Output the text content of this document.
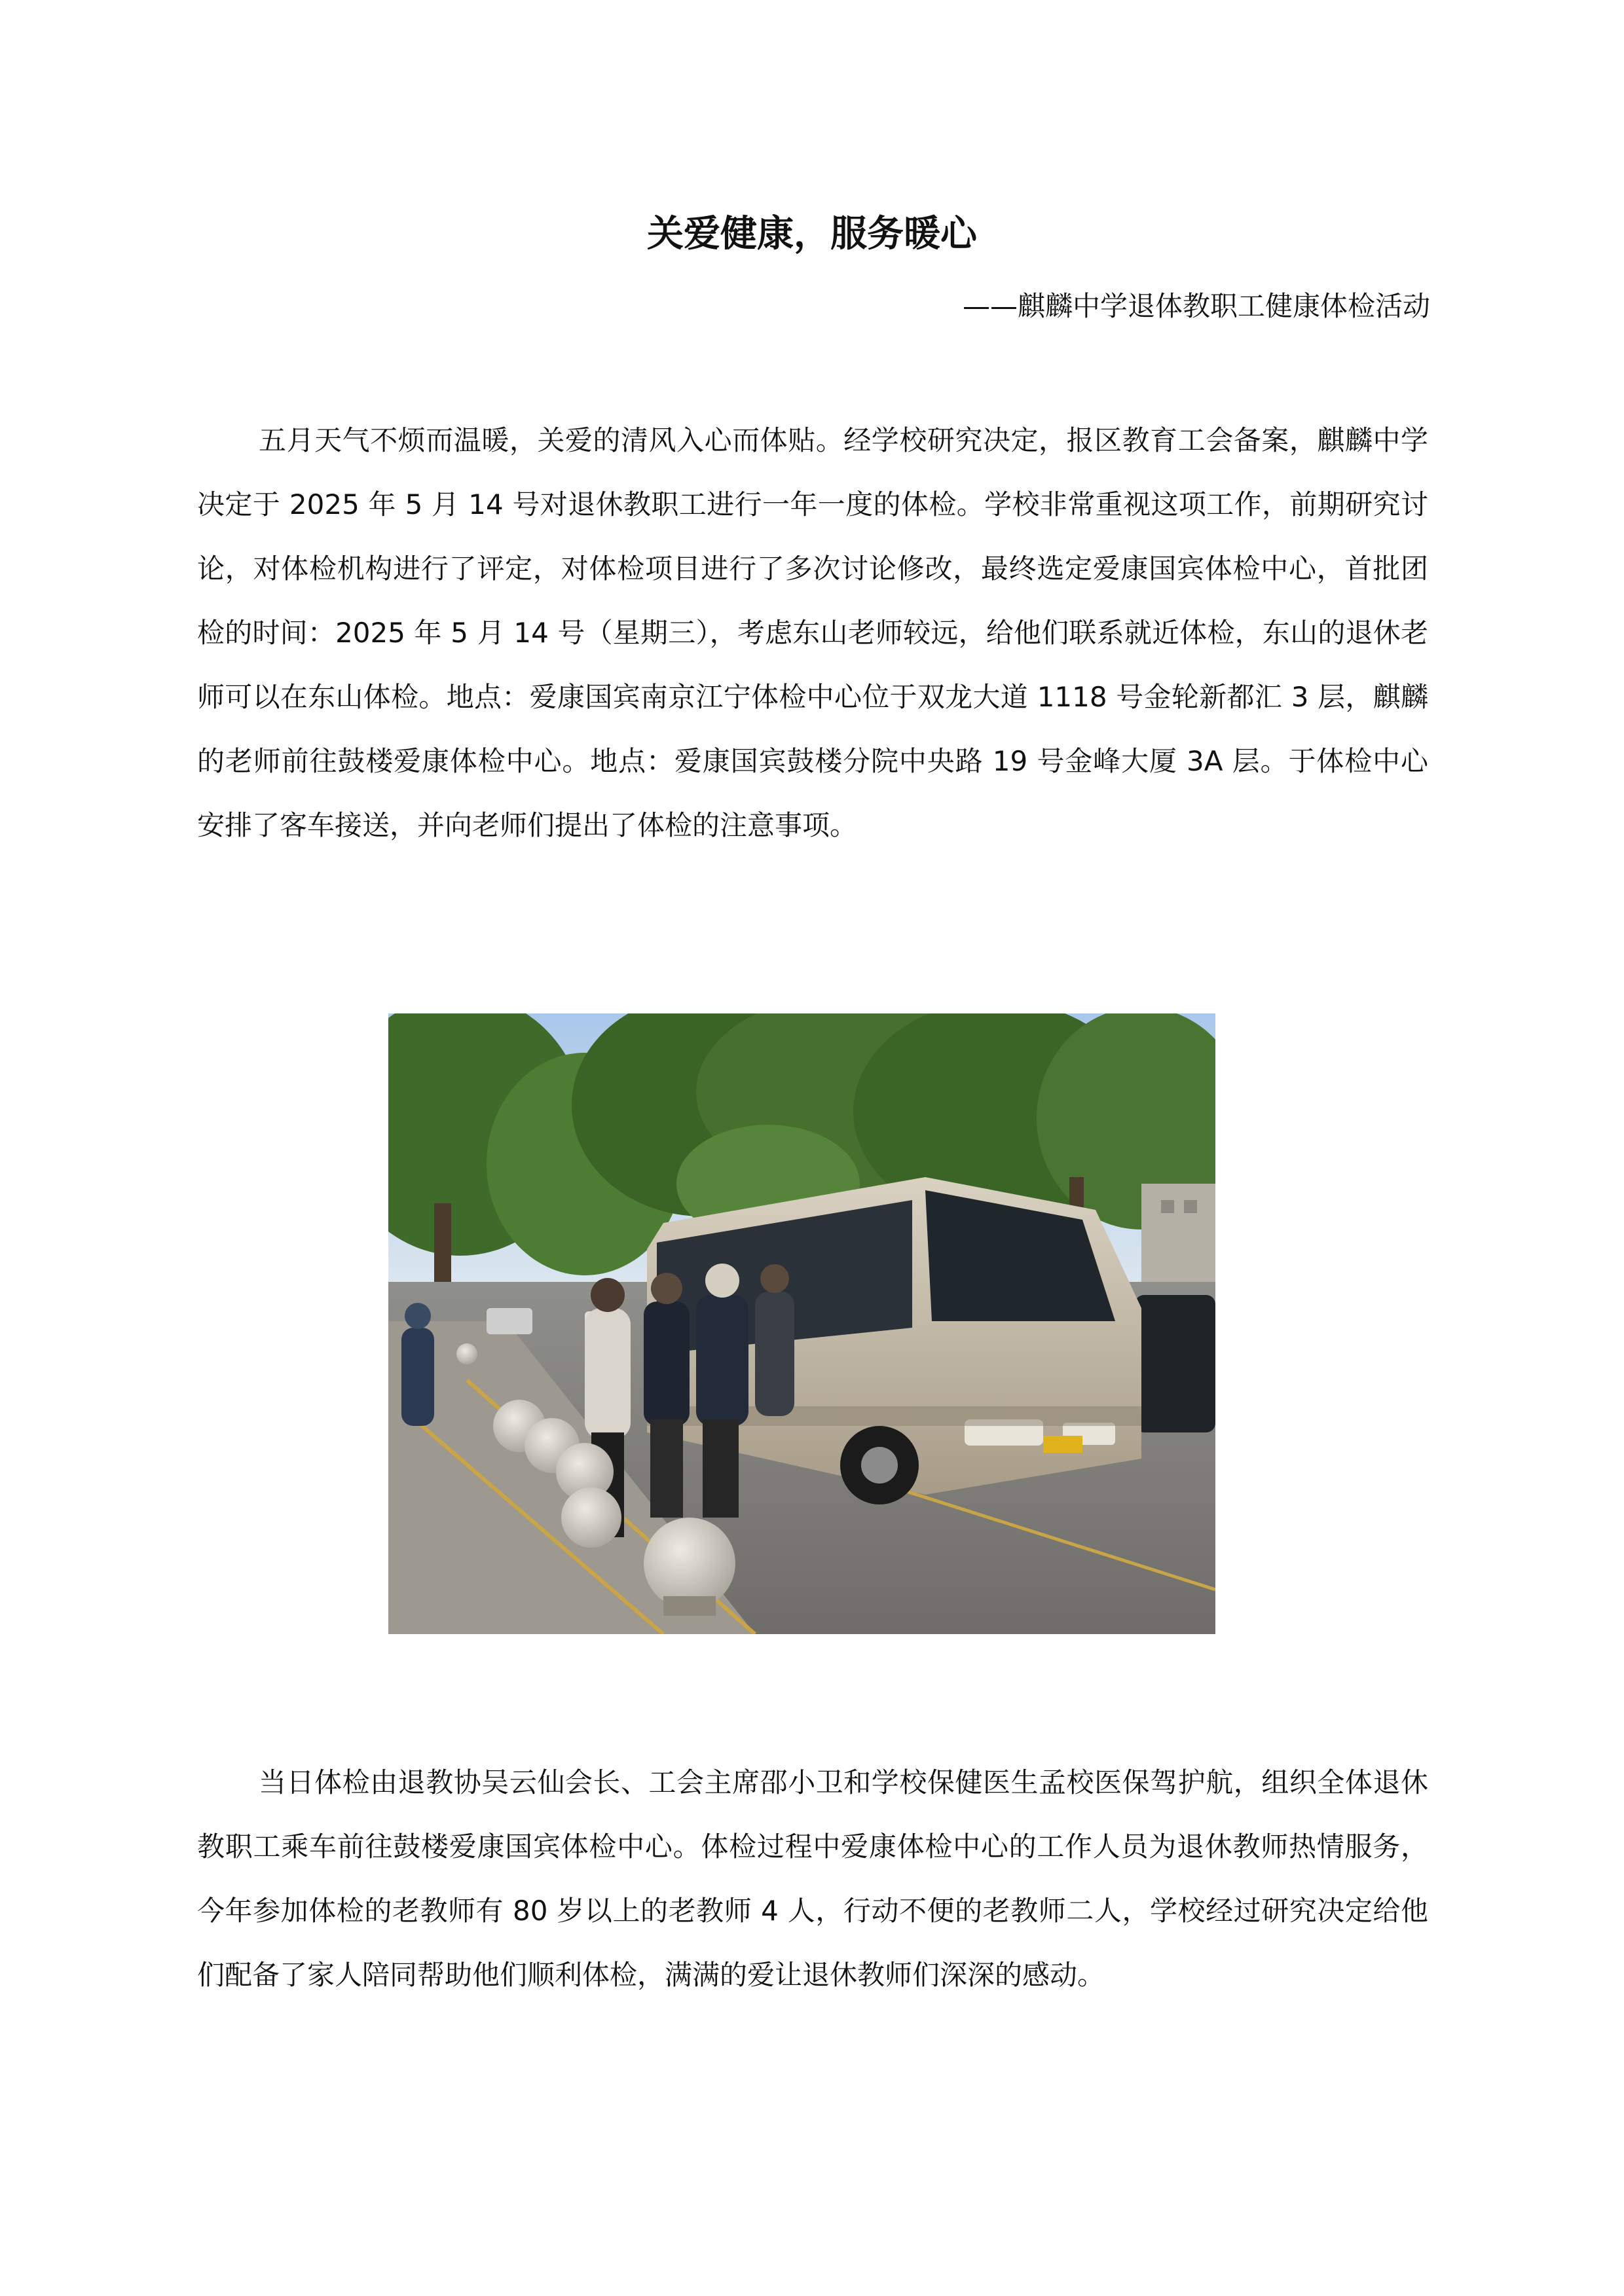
关爱健康，服务暖心
——麒麟中学退体教职工健康体检活动

五月天气不烦而温暖，关爱的清风入心而体贴。经学校研究决定，报区教育工会备案，麒麟中学决定于 2025 年 5 月 14 号对退休教职工进行一年一度的体检。学校非常重视这项工作，前期研究讨论，对体检机构进行了评定，对体检项目进行了多次讨论修改，最终选定爱康国宾体检中心，首批团检的时间：2025 年 5 月 14 号（星期三），考虑东山老师较远，给他们联系就近体检，东山的退休老师可以在东山体检。地点：爱康国宾南京江宁体检中心位于双龙大道 1118 号金轮新都汇 3 层，麒麟的老师前往鼓楼爱康体检中心。地点：爱康国宾鼓楼分院中央路 19 号金峰大厦 3A 层。于体检中心安排了客车接送，并向老师们提出了体检的注意事项。

当日体检由退教协吴云仙会长、工会主席邵小卫和学校保健医生孟校医保驾护航，组织全体退休教职工乘车前往鼓楼爱康国宾体检中心。体检过程中爱康体检中心的工作人员为退休教师热情服务，今年参加体检的老教师有 80 岁以上的老教师 4 人，行动不便的老教师二人，学校经过研究决定给他们配备了家人陪同帮助他们顺利体检，满满的爱让退休教师们深深的感动。
